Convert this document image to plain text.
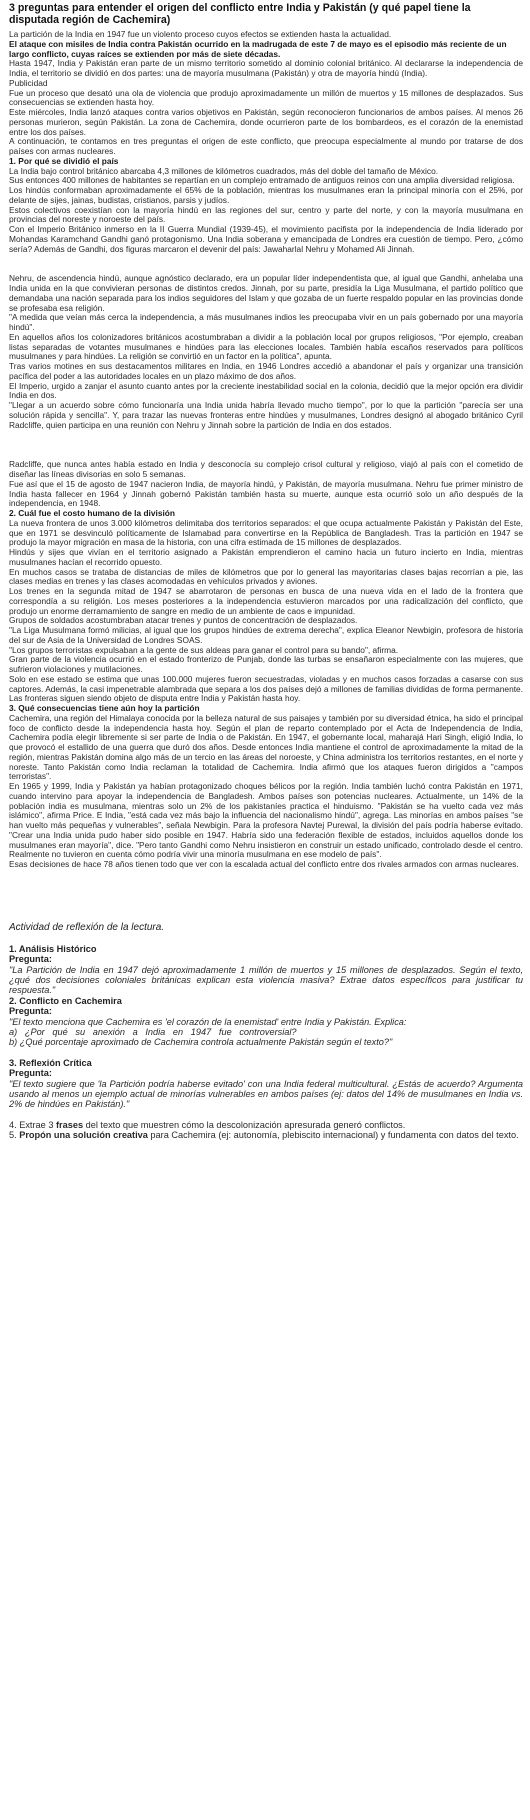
3 preguntas para entender el origen del conflicto entre India y Pakistán (y qué papel tiene la disputada región de Cachemira)

La partición de la India en 1947 fue un violento proceso cuyos efectos se extienden hasta la actualidad.

El ataque con misiles de India contra Pakistán ocurrido en la madrugada de este 7 de mayo es el episodio más reciente de un largo conflicto, cuyas raíces se extienden por más de siete décadas.

Hasta 1947, India y Pakistán eran parte de un mismo territorio sometido al dominio colonial británico. Al declararse la independencia de India, el territorio se dividió en dos partes: una de mayoría musulmana (Pakistán) y otra de mayoría hindú (India).

Publicidad

Fue un proceso que desató una ola de violencia que produjo aproximadamente un millón de muertos y 15 millones de desplazados. Sus consecuencias se extienden hasta hoy.

Este miércoles, India lanzó ataques contra varios objetivos en Pakistán, según reconocieron funcionarios de ambos países. Al menos 26 personas murieron, según Pakistán. La zona de Cachemira, donde ocurrieron parte de los bombardeos, es el corazón de la enemistad entre los dos países.

A continuación, te contamos en tres preguntas el origen de este conflicto, que preocupa especialmente al mundo por tratarse de dos países con armas nucleares.

1. Por qué se dividió el país

La India bajo control británico abarcaba 4,3 millones de kilómetros cuadrados, más del doble del tamaño de México.

Sus entonces 400 millones de habitantes se repartían en un complejo entramado de antiguos reinos con una amplia diversidad religiosa.

Los hindús conformaban aproximadamente el 65% de la población, mientras los musulmanes eran la principal minoría con el 25%, por delante de sijes, jainas, budistas, cristianos, parsis y judíos.

Estos colectivos coexistían con la mayoría hindú en las regiones del sur, centro y parte del norte, y con la mayoría musulmana en provincias del noreste y noroeste del país.

Con el Imperio Británico inmerso en la II Guerra Mundial (1939-45), el movimiento pacifista por la independencia de India liderado por Mohandas Karamchand Gandhi ganó protagonismo. Una India soberana y emancipada de Londres era cuestión de tiempo. Pero, ¿cómo sería? Además de Gandhi, dos figuras marcaron el devenir del país: Jawaharlal Nehru y Mohamed Ali Jinnah.

Nehru, de ascendencia hindú, aunque agnóstico declarado, era un popular líder independentista que, al igual que Gandhi, anhelaba una India unida en la que convivieran personas de distintos credos. Jinnah, por su parte, presidía la Liga Musulmana, el partido político que demandaba una nación separada para los indios seguidores del Islam y que gozaba de un fuerte respaldo popular en las provincias donde se profesaba esa religión.

"A medida que veían más cerca la independencia, a más musulmanes indios les preocupaba vivir en un país gobernado por una mayoría hindú".

En aquellos años los colonizadores británicos acostumbraban a dividir a la población local por grupos religiosos, "Por ejemplo, creaban listas separadas de votantes musulmanes e hindúes para las elecciones locales. También había escaños reservados para políticos musulmanes y para hindúes. La religión se convirtió en un factor en la política", apunta.

Tras varios motines en sus destacamentos militares en India, en 1946 Londres accedió a abandonar el país y organizar una transición pacífica del poder a las autoridades locales en un plazo máximo de dos años.

El Imperio, urgido a zanjar el asunto cuanto antes por la creciente inestabilidad social en la colonia, decidió que la mejor opción era dividir India en dos.

"Llegar a un acuerdo sobre cómo funcionaría una India unida habría llevado mucho tiempo", por lo que la partición "parecía ser una solución rápida y sencilla". Y, para trazar las nuevas fronteras entre hindúes y musulmanes, Londres designó al abogado británico Cyril Radcliffe, quien participa en una reunión con Nehru y Jinnah sobre la partición de India en dos estados.

Radcliffe, que nunca antes había estado en India y desconocía su complejo crisol cultural y religioso, viajó al país con el cometido de diseñar las líneas divisorias en solo 5 semanas.

Fue así que el 15 de agosto de 1947 nacieron India, de mayoría hindú, y Pakistán, de mayoría musulmana. Nehru fue primer ministro de India hasta fallecer en 1964 y Jinnah gobernó Pakistán también hasta su muerte, aunque esta ocurrió solo un año después de la independencia, en 1948.

2. Cuál fue el costo humano de la división

La nueva frontera de unos 3.000 kilómetros delimitaba dos territorios separados: el que ocupa actualmente Pakistán y Pakistán del Este, que en 1971 se desvinculó políticamente de Islamabad para convertirse en la República de Bangladesh. Tras la partición en 1947 se produjo la mayor migración en masa de la historia, con una cifra estimada de 15 millones de desplazados.

Hindús y sijes que vivían en el territorio asignado a Pakistán emprendieron el camino hacia un futuro incierto en India, mientras musulmanes hacían el recorrido opuesto.

En muchos casos se trataba de distancias de miles de kilómetros que por lo general las mayoritarias clases bajas recorrían a pie, las clases medias en trenes y las clases acomodadas en vehículos privados y aviones.

Los trenes en la segunda mitad de 1947 se abarrotaron de personas en busca de una nueva vida en el lado de la frontera que correspondía a su religión. Los meses posteriores a la independencia estuvieron marcados por una radicalización del conflicto, que produjo un enorme derramamiento de sangre en medio de un ambiente de caos e impunidad.

Grupos de soldados acostumbraban atacar trenes y puntos de concentración de desplazados.

"La Liga Musulmana formó milicias, al igual que los grupos hindúes de extrema derecha", explica Eleanor Newbigin, profesora de historia del sur de Asia de la Universidad de Londres SOAS.

"Los grupos terroristas expulsaban a la gente de sus aldeas para ganar el control para su bando", afirma.

Gran parte de la violencia ocurrió en el estado fronterizo de Punjab, donde las turbas se ensañaron especialmente con las mujeres, que sufrieron violaciones y mutilaciones.

Solo en ese estado se estima que unas 100.000 mujeres fueron secuestradas, violadas y en muchos casos forzadas a casarse con sus captores. Además, la casi impenetrable alambrada que separa a los dos países dejó a millones de familias divididas de forma permanente. Las fronteras siguen siendo objeto de disputa entre India y Pakistán hasta hoy.

3. Qué consecuencias tiene aún hoy la partición

Cachemira, una región del Himalaya conocida por la belleza natural de sus paisajes y también por su diversidad étnica, ha sido el principal foco de conflicto desde la independencia hasta hoy. Según el plan de reparto contemplado por el Acta de Independencia de India, Cachemira podía elegir libremente si ser parte de India o de Pakistán. En 1947, el gobernante local, maharajá Hari Singh, eligió India, lo que provocó el estallido de una guerra que duró dos años. Desde entonces India mantiene el control de aproximadamente la mitad de la región, mientras Pakistán domina algo más de un tercio en las áreas del noroeste, y China administra los territorios restantes, en el norte y noreste. Tanto Pakistán como India reclaman la totalidad de Cachemira. India afirmó que los ataques fueron dirigidos a "campos terroristas".

En 1965 y 1999, India y Pakistán ya habían protagonizado choques bélicos por la región. India también luchó contra Pakistán en 1971, cuando intervino para apoyar la independencia de Bangladesh. Ambos países son potencias nucleares. Actualmente, un 14% de la población india es musulmana, mientras solo un 2% de los pakistaníes practica el hinduismo. "Pakistán se ha vuelto cada vez más islámico", afirma Price. E India, "está cada vez más bajo la influencia del nacionalismo hindú", agrega. Las minorías en ambos países "se han vuelto más pequeñas y vulnerables", señala Newbigin. Para la profesora Navtej Purewal, la división del país podría haberse evitado. "Crear una India unida pudo haber sido posible en 1947. Habría sido una federación flexible de estados, incluidos aquellos donde los musulmanes eran mayoría", dice. "Pero tanto Gandhi como Nehru insistieron en construir un estado unificado, controlado desde el centro. Realmente no tuvieron en cuenta cómo podría vivir una minoría musulmana en ese modelo de país".

Esas decisiones de hace 78 años tienen todo que ver con la escalada actual del conflicto entre dos rivales armados con armas nucleares.

Actividad de reflexión de la lectura.

1. Análisis Histórico

Pregunta:

"La Partición de India en 1947 dejó aproximadamente 1 millón de muertos y 15 millones de desplazados. Según el texto, ¿qué dos decisiones coloniales británicas explican esta violencia masiva? Extrae datos específicos para justificar tu respuesta."

2. Conflicto en Cachemira

Pregunta:

"El texto menciona que Cachemira es 'el corazón de la enemistad' entre India y Pakistán. Explica:

a)   ¿Por   qué   su   anexión   a   India   en   1947   fue   controversial?

b) ¿Qué porcentaje aproximado de Cachemira controla actualmente Pakistán según el texto?"

3. Reflexión Crítica

Pregunta:

"El texto sugiere que 'la Partición podría haberse evitado' con una India federal multicultural. ¿Estás de acuerdo? Argumenta usando al menos un ejemplo actual de minorías vulnerables en ambos países (ej: datos del 14% de musulmanes en India vs. 2% de hindúes en Pakistán)."

4. Extrae 3 frases del texto que muestren cómo la descolonización apresurada generó conflictos.

5. Propón una solución creativa para Cachemira (ej: autonomía, plebiscito internacional) y fundamenta con datos del texto.
